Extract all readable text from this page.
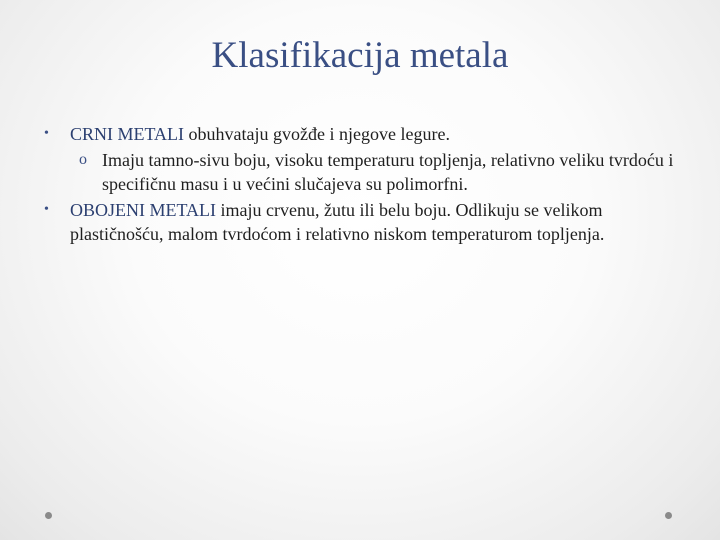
Klasifikacija metala
• CRNI METALI obuhvataju gvožđe i njegove legure.
o Imaju tamno-sivu boju, visoku temperaturu topljenja, relativno veliku tvrdoću i specifičnu masu i u većini slučajeva su polimorfni.
• OBOJENI METALI imaju crvenu, žutu ili belu boju. Odlikuju se velikom plastičnošću, malom tvrdoćom i relativno niskom temperaturom topljenja.
